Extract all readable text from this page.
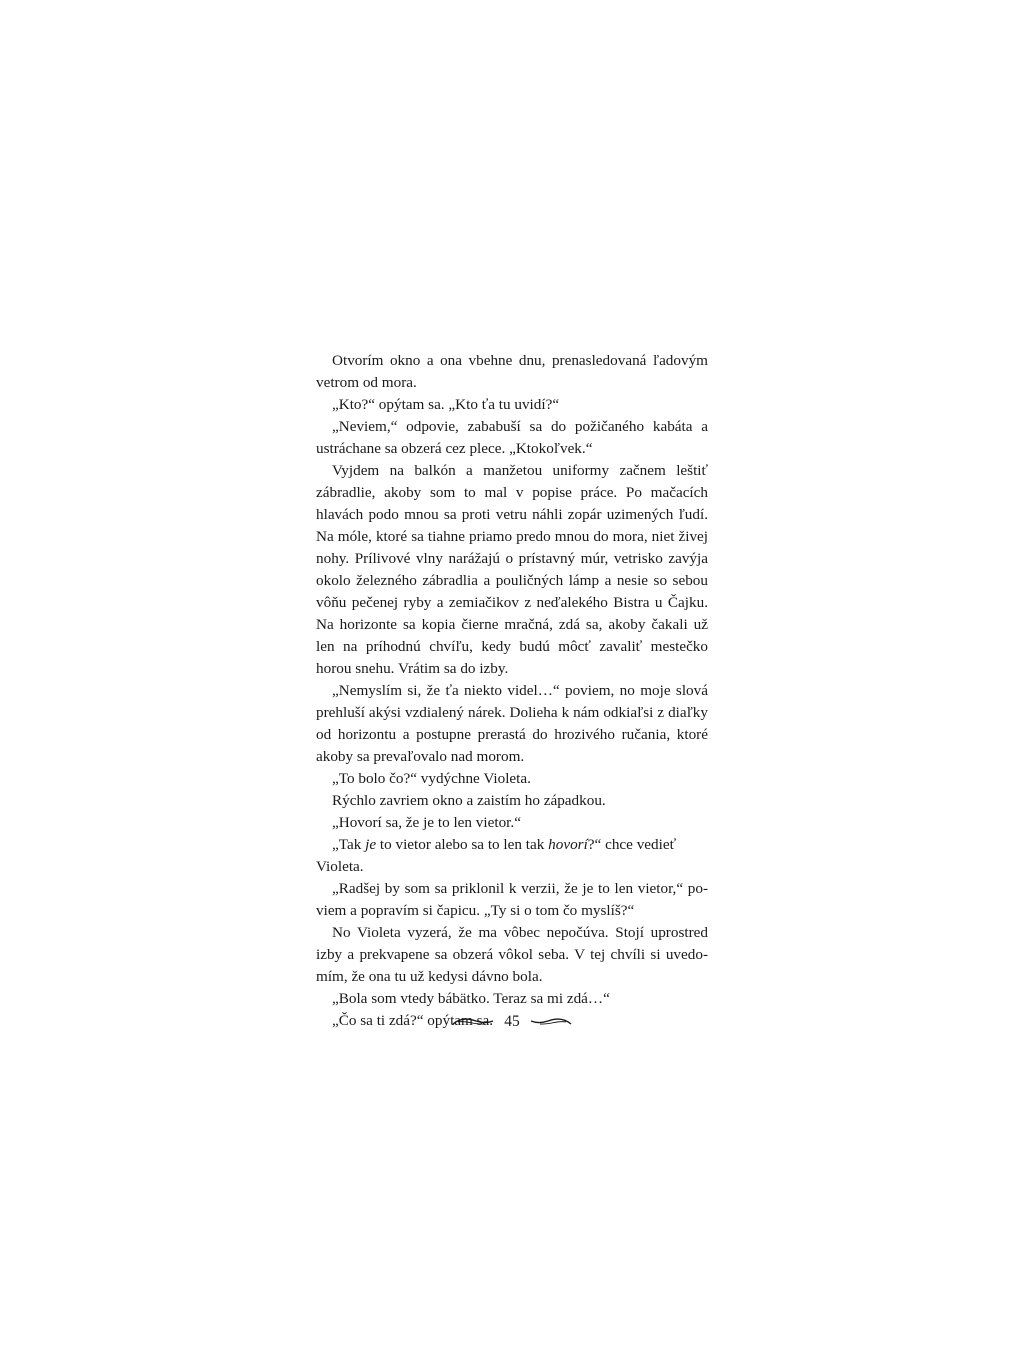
Otvorím okno a ona vbehne dnu, prenasledovaná ľadovým vetrom od mora.

„Kto?“ opýtam sa. „Kto ťa tu uvidí?“

„Neviem,“ odpovie, zababuší sa do požičaného kabáta a ustráchane sa obzerá cez plece. „Ktokoľvek.“

Vyjdem na balkón a manžetou uniformy začnem leštiť zábradlie, akoby som to mal v popise práce. Po mačacích hlavách podo mnou sa proti vetru náhli zopár uzimených ľudí. Na móle, ktoré sa tiahne priamo predo mnou do mora, niet živej nohy. Prílivové vlny narážajú o prístavný múr, vetrisko zavýja okolo železného zábradlia a pouličných lámp a nesie so sebou vôňu pečenej ryby a zemiačikov z neďalekého Bistra u Čajku. Na horizonte sa kopia čierne mračná, zdá sa, akoby čakali už len na príhodnú chvíľu, kedy budú môcť zavaliť mestečko horou snehu. Vrátim sa do izby.

„Nemyslím si, že ťa niekto videl…“ poviem, no moje slová prehluší akýsi vzdialený nárek. Dolieha k nám odkiaľsi z diaľky od horizontu a postupne prerastá do hrozivého ručania, ktoré akoby sa prevaľovalo nad morom.

„To bolo čo?“ vydýchne Violeta.

Rýchlo zavriem okno a zaistím ho západkou.

„Hovorí sa, že je to len vietor.“

„Tak je to vietor alebo sa to len tak hovorí?“ chce vedieť Violeta.

„Radšej by som sa priklonil k verzii, že je to len vietor,“ poviem a popravím si čapicu. „Ty si o tom čo myslíš?“

No Violeta vyzerá, že ma vôbec nepočúva. Stojí uprostred izby a prekvapene sa obzerá vôkol seba. V tej chvíli si uvedomím, že ona tu už kedysi dávno bola.

„Bola som vtedy bábätko. Teraz sa mi zdá…“

„Čo sa ti zdá?“ opýtam sa. 45
